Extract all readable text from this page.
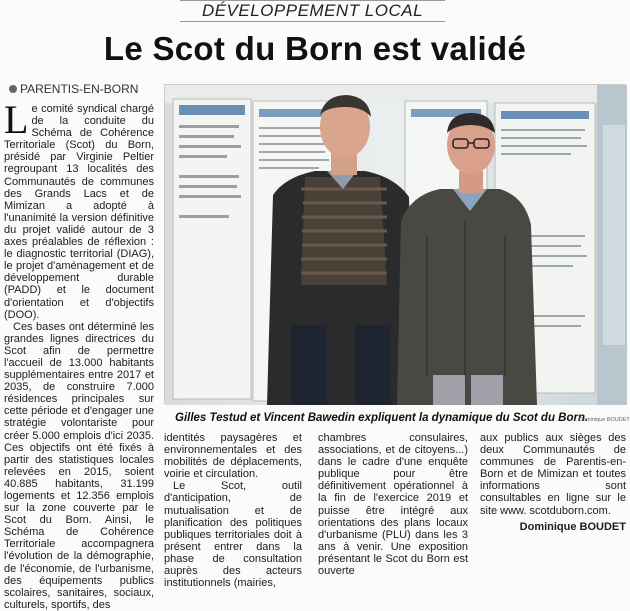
DÉVELOPPEMENT LOCAL
Le Scot du Born est validé
PARENTIS-EN-BORN

Le comité syndical chargé de la conduite du Schéma de Cohérence Territoriale (Scot) du Born, présidé par Virginie Peltier regroupant 13 localités des Communautés de communes des Grands Lacs et de Mimizan a adopté à l'unanimité la version définitive du projet validé autour de 3 axes préalables de réflexion : le diagnostic territorial (DIAG), le projet d'aménagement et de développement durable (PADD) et le document d'orientation et d'objectifs (DOO).

Ces bases ont déterminé les grandes lignes directrices du Scot afin de permettre l'accueil de 13.000 habitants supplémentaires entre 2017 et 2035, de construire 7.000 résidences principales sur cette période et d'engager une stratégie volontariste pour créer 5.000 emplois d'ici 2035. Ces objectifs ont été fixés à partir des statistiques locales relevées en 2015, soient 40.885 habitants, 31.199 logements et 12.356 emplois sur la zone couverte par le Scot du Born. Ainsi, le Schéma de Cohérence Territoriale accompagnera l'évolution de la démographie, de l'économie, de l'urbanisme, des équipements publics scolaires, sanitaires, sociaux, culturels, sportifs, des

Gilles Testud et Vincent Bawedin expliquent la dynamique du Scot du Born.
Dominique BOUDET

identités paysagères et environnementales et des mobilités de déplacements, voirie et circulation.

Le Scot, outil d'anticipation, de mutualisation et de planification des politiques publiques territoriales doit à présent entrer dans la phase de consultation auprès des acteurs institutionnels (mairies,

chambres consulaires, associations, et de citoyens...) dans le cadre d'une enquête publique pour être définitivement opérationnel à la fin de l'exercice 2019 et puisse être intégré aux orientations des plans locaux d'urbanisme (PLU) dans les 3 ans à venir. Une exposition présentant le Scot du Born est ouverte

aux publics aux sièges des deux Communautés de communes de Parentis-en-Born et de Mimizan et toutes informations sont consultables en ligne sur le site www. scotduborn.com.

Dominique BOUDET
